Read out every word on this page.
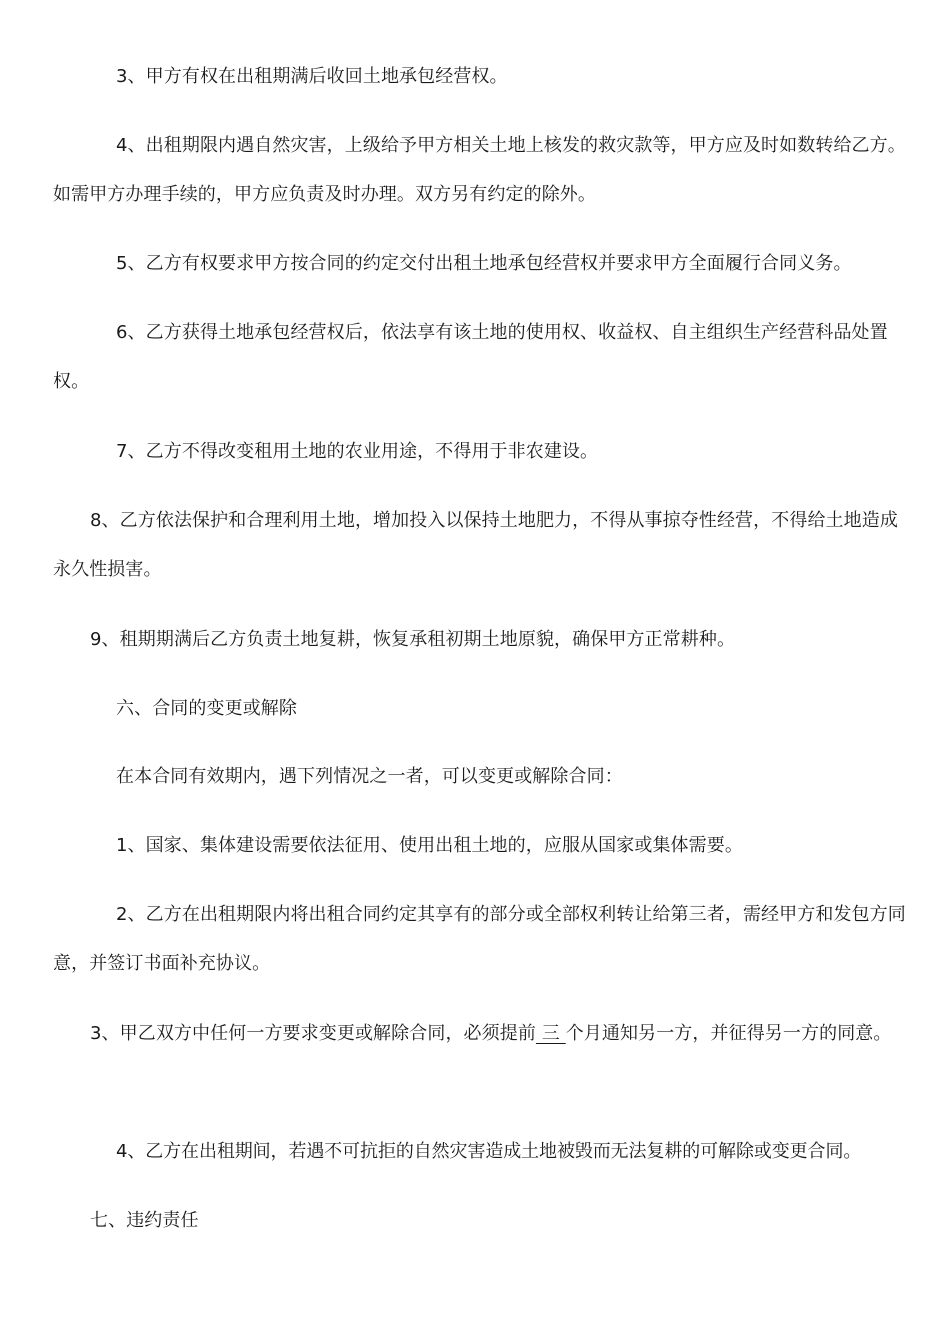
3、甲方有权在出租期满后收回土地承包经营权。

4、出租期限内遇自然灾害，上级给予甲方相关土地上核发的救灾款等，甲方应及时如数转给乙方。如需甲方办理手续的，甲方应负责及时办理。双方另有约定的除外。

5、乙方有权要求甲方按合同的约定交付出租土地承包经营权并要求甲方全面履行合同义务。

6、乙方获得土地承包经营权后，依法享有该土地的使用权、收益权、自主组织生产经营科品处置权。

7、乙方不得改变租用土地的农业用途，不得用于非农建设。

8、乙方依法保护和合理利用土地，增加投入以保持土地肥力，不得从事掠夺性经营，不得给土地造成永久性损害。

9、租期期满后乙方负责土地复耕，恢复承租初期土地原貌，确保甲方正常耕种。

六、合同的变更或解除

在本合同有效期内，遇下列情况之一者，可以变更或解除合同：

1、国家、集体建设需要依法征用、使用出租土地的，应服从国家或集体需要。

2、乙方在出租期限内将出租合同约定其享有的部分或全部权利转让给第三者，需经甲方和发包方同意，并签订书面补充协议。

3、甲乙双方中任何一方要求变更或解除合同，必须提前 三 个月通知另一方，并征得另一方的同意。

4、乙方在出租期间，若遇不可抗拒的自然灾害造成土地被毁而无法复耕的可解除或变更合同。

七、违约责任
